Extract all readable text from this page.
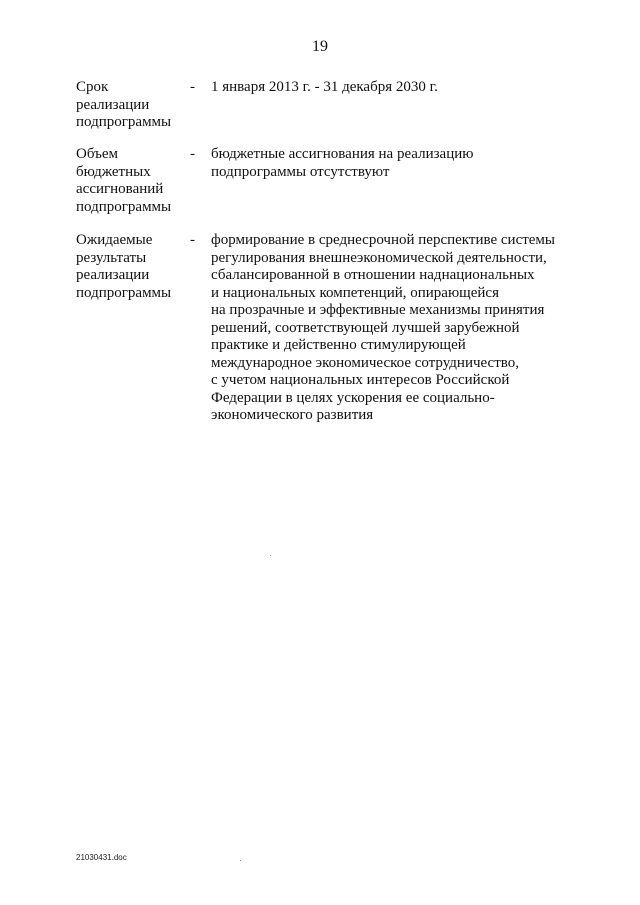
19
Срок
реализации
подпрограммы
- 1 января 2013 г. - 31 декабря 2030 г.
Объем
бюджетных
ассигнований
подпрограммы
- бюджетные ассигнования на реализацию
подпрограммы отсутствуют
Ожидаемые
результаты
реализации
подпрограммы
- формирование в среднесрочной перспективе системы
регулирования внешнеэкономической деятельности,
сбалансированной в отношении наднациональных
и национальных компетенций, опирающейся
на прозрачные и эффективные механизмы принятия
решений, соответствующей лучшей зарубежной
практике и действенно стимулирующей
международное экономическое сотрудничество,
с учетом национальных интересов Российской
Федерации в целях ускорения ее социально-
экономического развития
21030431.doc
